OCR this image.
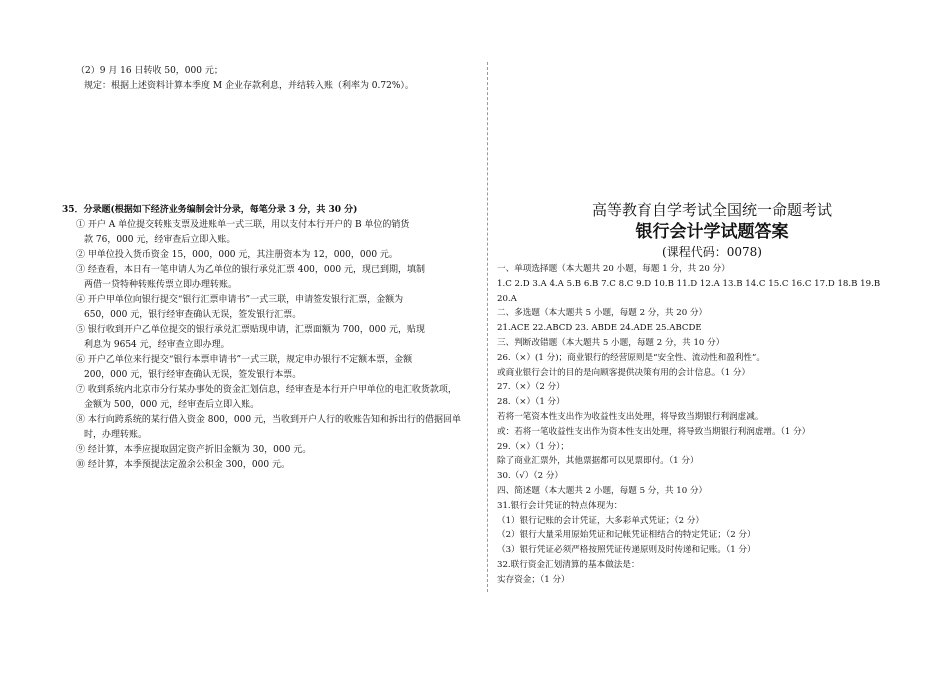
（2）9 月 16 日转收 50，000 元；
规定：根据上述资料计算本季度 M 企业存款利息，并结转入账（利率为 0.72%）。
35．分录题(根据如下经济业务编制会计分录，每笔分录 3 分，共 30 分)
① 开户 A 单位提交转账支票及进账单一式三联，用以支付本行开户的 B 单位的销货
款 76，000 元，经审查后立即入账。
② 甲单位投入货币资金 15，000，000 元，其注册资本为 12，000，000 元。
③ 经查看，本日有一笔申请人为乙单位的银行承兑汇票 400，000 元，现已到期，填制
两借一贷特种转账传票立即办理转账。
④ 开户甲单位向银行提交“银行汇票申请书”一式三联，申请签发银行汇票，金额为
650，000 元，银行经审查确认无误，签发银行汇票。
⑤ 银行收到开户乙单位提交的银行承兑汇票贴现申请，汇票面额为 700，000 元，贴现
利息为 9654 元，经审查立即办理。
⑥ 开户乙单位来行提交“银行本票申请书”一式三联，规定申办银行不定额本票，金额
200，000 元，银行经审查确认无误，签发银行本票。
⑦ 收到系统内北京市分行某办事处的资金汇划信息，经审查是本行开户甲单位的电汇收货款项，
金额为 500，000 元，经审查后立即入账。
⑧ 本行向跨系统的某行借入资金 800，000 元，当收到开户人行的收账告知和拆出行的借据回单
时，办理转账。
⑨ 经计算，本季应提取固定资产折旧金额为 30，000 元。
⑩ 经计算，本季预提法定盈余公积金 300，000 元。
高等教育自学考试全国统一命题考试
银行会计学试题答案
(课程代码：0078)
一、单项选择题（本大题共 20 小题，每题 1 分，共 20 分）
1.C 2.D 3.A 4.A 5.B 6.B 7.C 8.C 9.D 10.B 11.D 12.A 13.B 14.C 15.C 16.C 17.D 18.B 19.B
20.A
二、多选题（本大题共 5 小题，每题 2 分，共 20 分）
21.ACE 22.ABCD 23. ABDE 24.ADE 25.ABCDE
三、判断改错题（本大题共 5 小题，每题 2 分，共 10 分）
26.（×）(1 分)；商业银行的经营原则是“安全性、流动性和盈利性”。
或商业银行会计的目的是向顾客提供决策有用的会计信息。（1 分）
27.（×）（2 分）
28.（×）（1 分）
若将一笔资本性支出作为收益性支出处理，将导致当期银行利润虚减。
或：若将一笔收益性支出作为资本性支出处理，将导致当期银行利润虚增。（1 分）
29.（×）（1 分）；
除了商业汇票外，其他票据都可以见票即付。（1 分）
30.（√）（2 分）
四、简述题（本大题共 2 小题，每题 5 分，共 10 分）
31.银行会计凭证的特点体现为：
（1）银行记账的会计凭证，大多彩单式凭证；（2 分）
（2）银行大量采用原始凭证和记帐凭证相结合的特定凭证；（2 分）
（3）银行凭证必须严格按照凭证传递原则及时传递和记账。（1 分）
32.联行资金汇划清算的基本做法是：
实存资金；（1 分）
